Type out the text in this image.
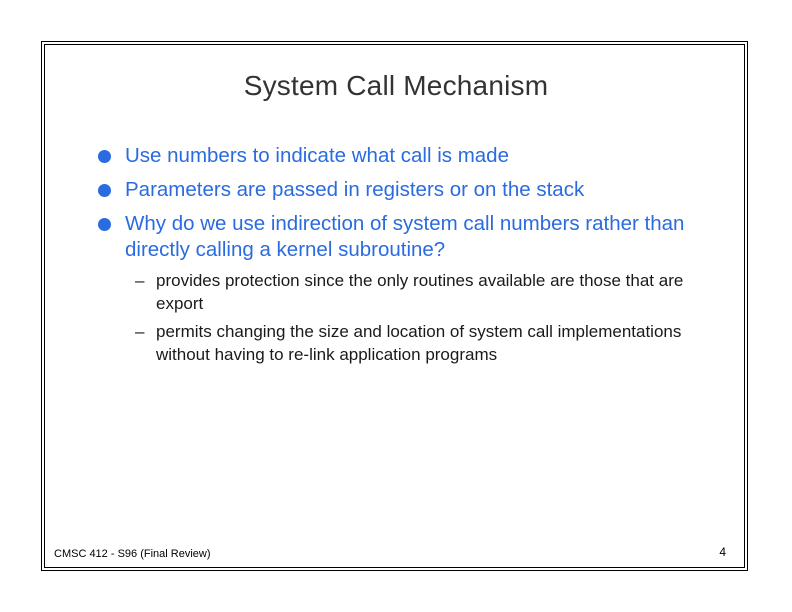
System Call Mechanism
Use numbers to indicate what call is made
Parameters are passed in registers or on the stack
Why do we use indirection of system call numbers rather than directly calling a kernel subroutine?
– provides protection since the only routines available are those that are export
– permits changing the size and location of system call implementations without having to re-link application programs
CMSC 412 - S96 (Final Review)	4
